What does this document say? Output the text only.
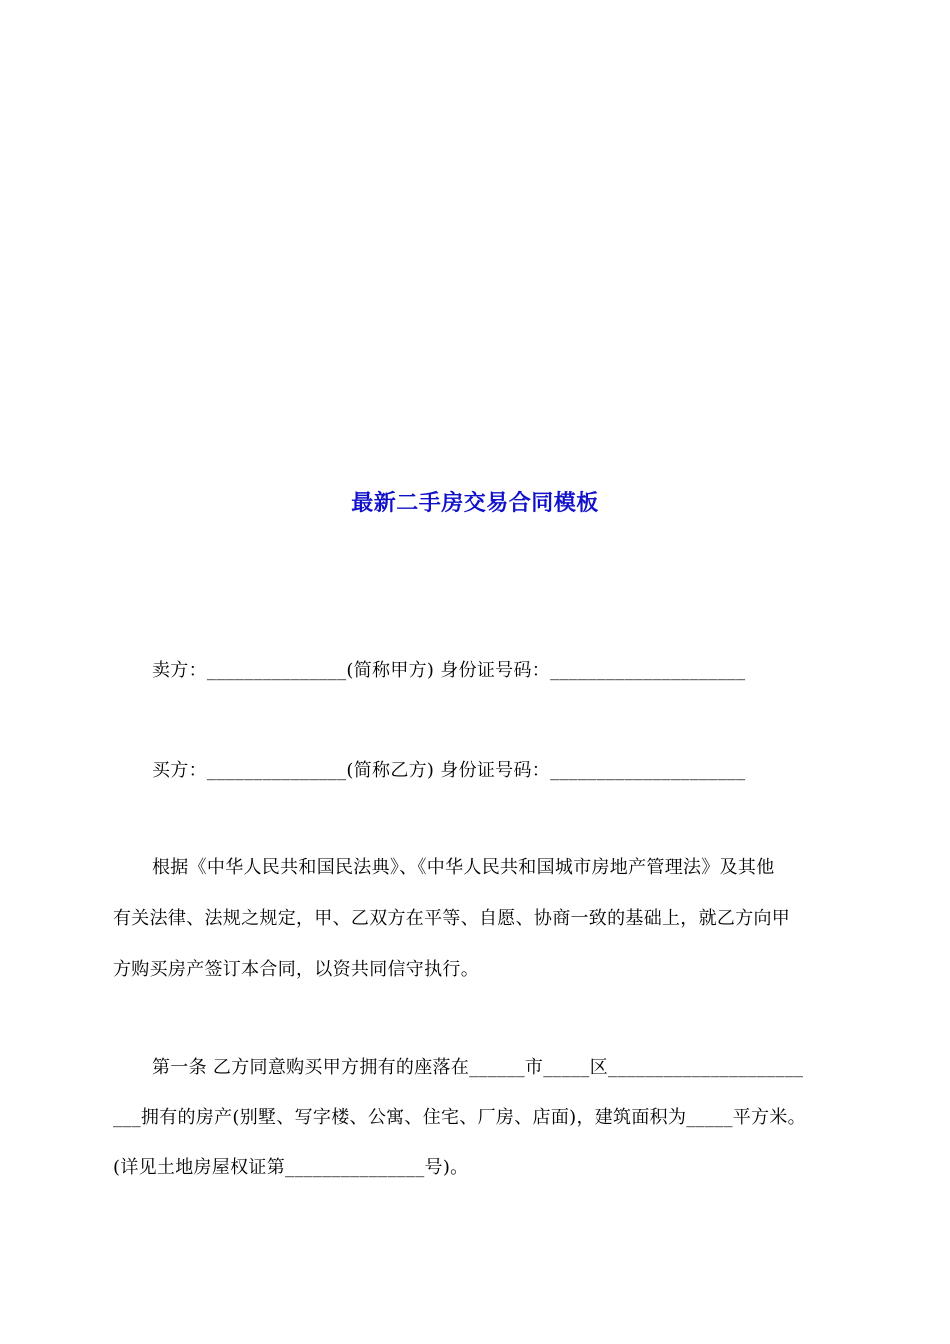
最新二手房交易合同模板
卖方：_______________(简称甲方) 身份证号码：_____________________
买方：_______________(简称乙方) 身份证号码：_____________________
根据《中华人民共和国民法典》、《中华人民共和国城市房地产管理法》及其他
有关法律、法规之规定，甲、乙双方在平等、自愿、协商一致的基础上，就乙方向甲
方购买房产签订本合同，以资共同信守执行。
第一条 乙方同意购买甲方拥有的座落在______市_____区_____________________
___拥有的房产(别墅、写字楼、公寓、住宅、厂房、店面)，建筑面积为_____平方米。
(详见土地房屋权证第_______________号)。
